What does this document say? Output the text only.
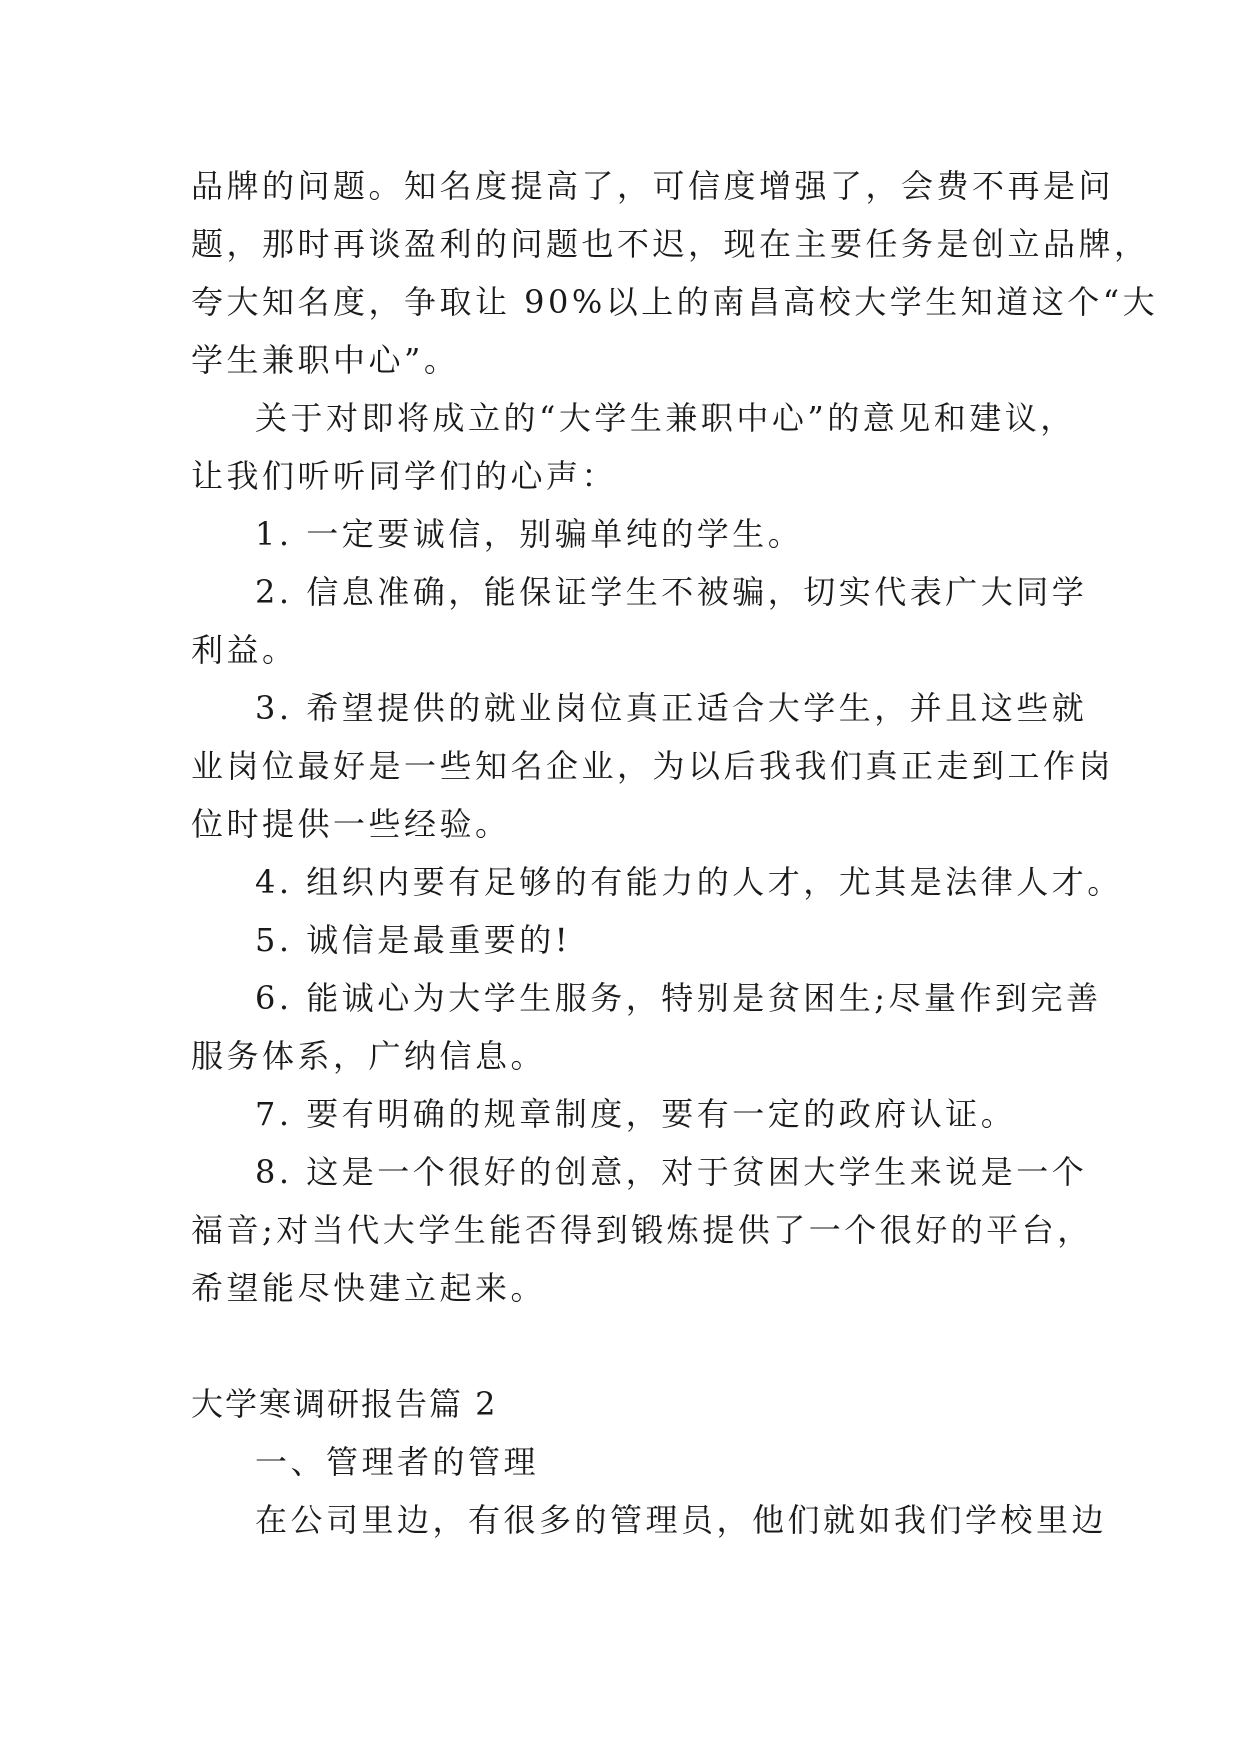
品牌的问题。知名度提高了，可信度增强了，会费不再是问
题，那时再谈盈利的问题也不迟，现在主要任务是创立品牌，
夸大知名度，争取让 90%以上的南昌高校大学生知道这个“大
学生兼职中心”。
关于对即将成立的“大学生兼职中心”的意见和建议，
让我们听听同学们的心声：
1. 一定要诚信，别骗单纯的学生。
2. 信息准确，能保证学生不被骗，切实代表广大同学
利益。
3. 希望提供的就业岗位真正适合大学生，并且这些就
业岗位最好是一些知名企业，为以后我我们真正走到工作岗
位时提供一些经验。
4. 组织内要有足够的有能力的人才，尤其是法律人才。
5. 诚信是最重要的!
6. 能诚心为大学生服务，特别是贫困生;尽量作到完善
服务体系，广纳信息。
7. 要有明确的规章制度，要有一定的政府认证。
8. 这是一个很好的创意，对于贫困大学生来说是一个
福音;对当代大学生能否得到锻炼提供了一个很好的平台，
希望能尽快建立起来。
大学寒调研报告篇 2
一、管理者的管理
在公司里边，有很多的管理员，他们就如我们学校里边
